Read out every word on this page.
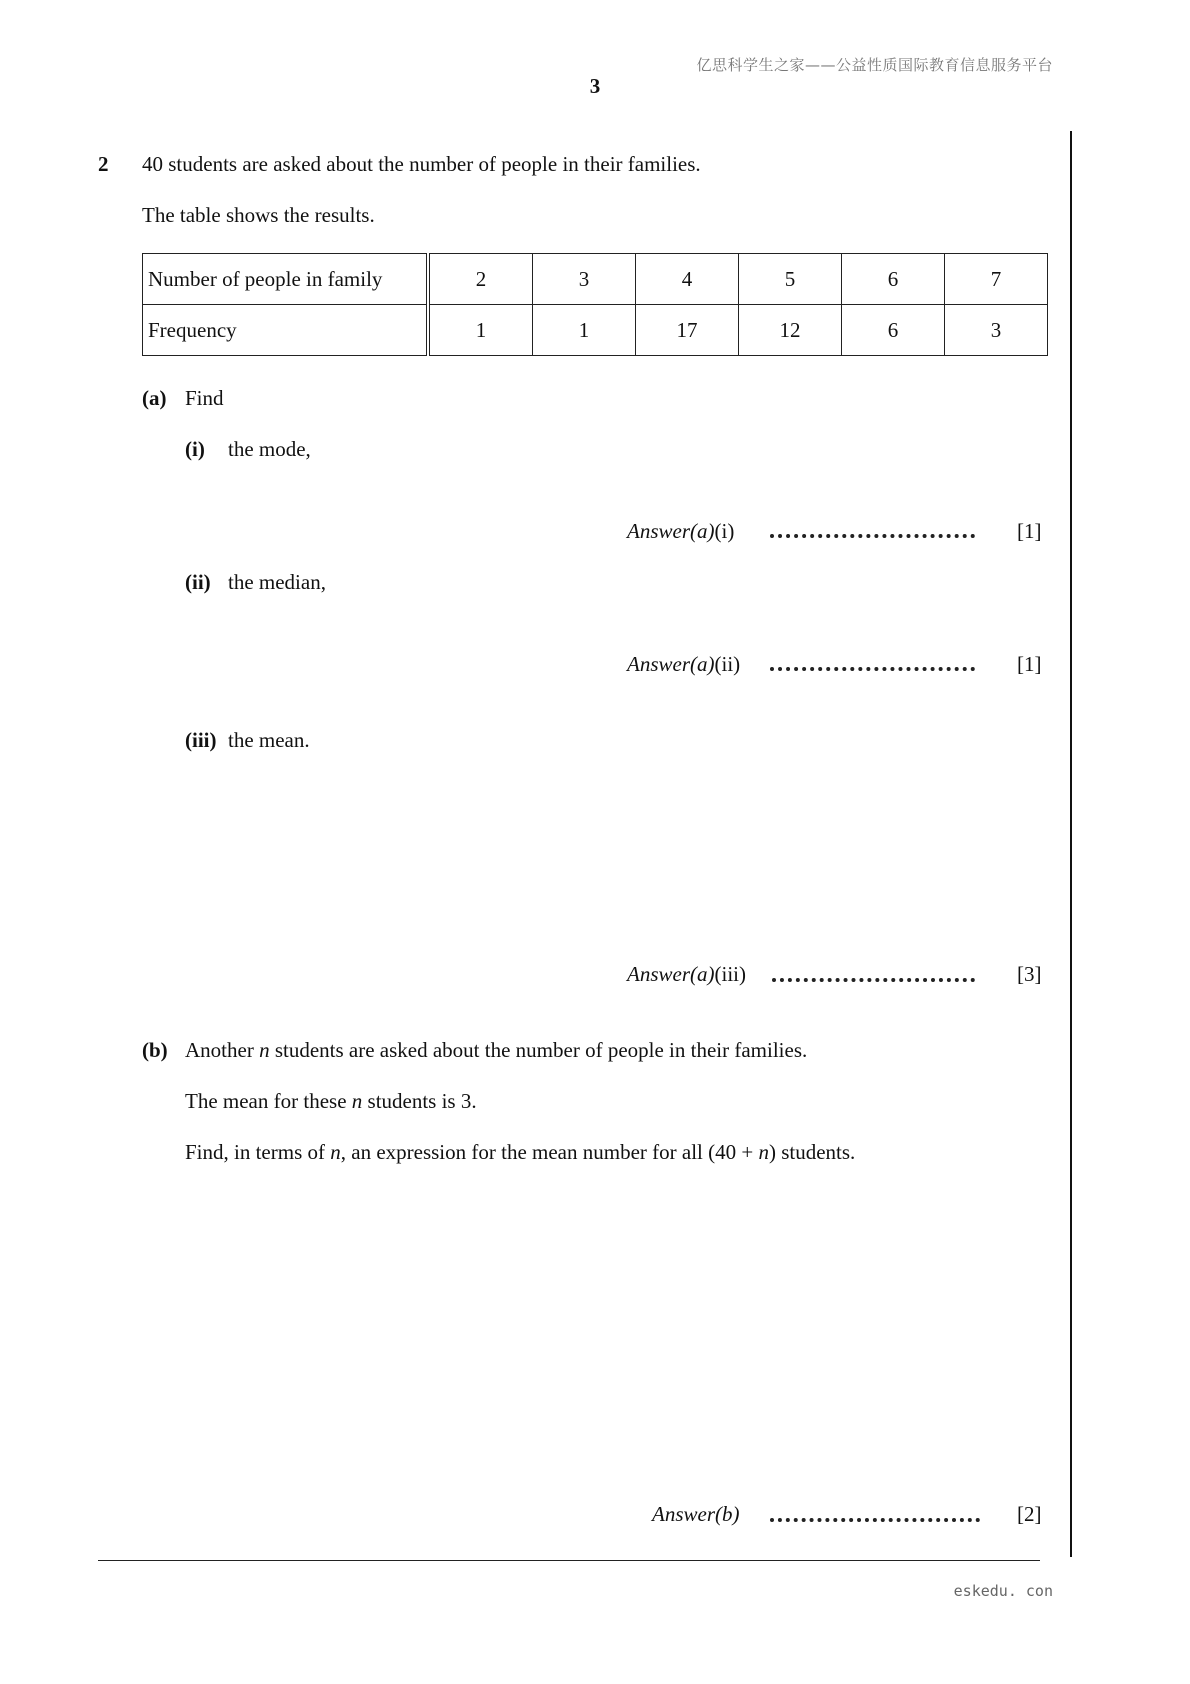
亿思科学生之家——公益性质国际教育信息服务平台
3
2 40 students are asked about the number of people in their families.
The table shows the results.
Number of people in family	2	3	4	5	6	7
Frequency	1	1	17	12	6	3
(a) Find
(i) the mode,
Answer(a)(i)	[1]
(ii) the median,
Answer(a)(ii)	[1]
(iii) the mean.
Answer(a)(iii)	[3]
(b) Another n students are asked about the number of people in their families.
The mean for these n students is 3.
Find, in terms of n, an expression for the mean number for all (40 + n) students.
Answer(b)	[2]
eskedu. con
